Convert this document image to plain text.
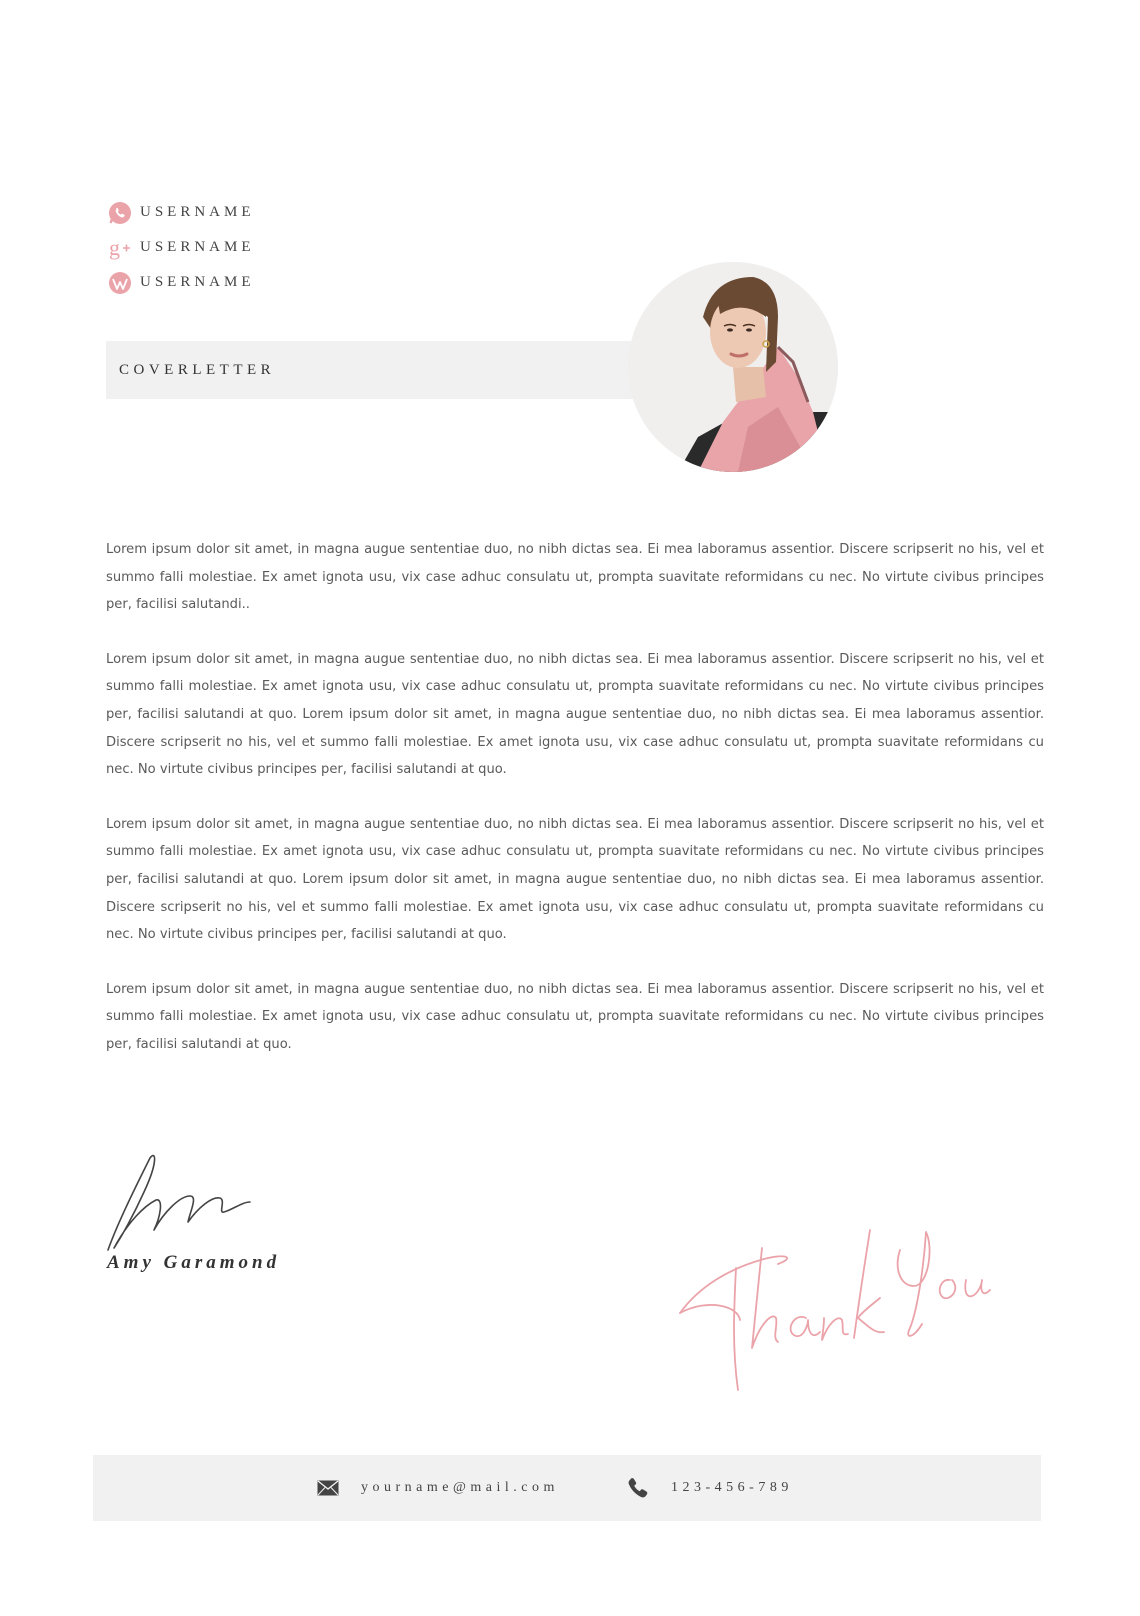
USERNAME
g USERNAME
USERNAME
COVERLETTER

Lorem ipsum dolor sit amet, in magna augue sententiae duo, no nibh dictas sea. Ei mea laboramus assentior. Discere scripserit no his, vel et summo falli molestiae. Ex amet ignota usu, vix case adhuc consulatu ut, prompta suavitate reformidans cu nec. No virtute civibus principes per, facilisi salutandi..

Lorem ipsum dolor sit amet, in magna augue sententiae duo, no nibh dictas sea. Ei mea laboramus assentior. Discere scripserit no his, vel et summo falli molestiae. Ex amet ignota usu, vix case adhuc consulatu ut, prompta suavitate reformidans cu nec. No virtute civibus principes per, facilisi salutandi at quo. Lorem ipsum dolor sit amet, in magna augue sententiae duo, no nibh dictas sea. Ei mea laboramus assentior. Discere scripserit no his, vel et summo falli molestiae. Ex amet ignota usu, vix case adhuc consulatu ut, prompta suavitate reformidans cu nec. No virtute civibus principes per, facilisi salutandi at quo.

Lorem ipsum dolor sit amet, in magna augue sententiae duo, no nibh dictas sea. Ei mea laboramus assentior. Discere scripserit no his, vel et summo falli molestiae. Ex amet ignota usu, vix case adhuc consulatu ut, prompta suavitate reformidans cu nec. No virtute civibus principes per, facilisi salutandi at quo. Lorem ipsum dolor sit amet, in magna augue sententiae duo, no nibh dictas sea. Ei mea laboramus assentior. Discere scripserit no his, vel et summo falli molestiae. Ex amet ignota usu, vix case adhuc consulatu ut, prompta suavitate reformidans cu nec. No virtute civibus principes per, facilisi salutandi at quo.

Lorem ipsum dolor sit amet, in magna augue sententiae duo, no nibh dictas sea. Ei mea laboramus assentior. Discere scripserit no his, vel et summo falli molestiae. Ex amet ignota usu, vix case adhuc consulatu ut, prompta suavitate reformidans cu nec. No virtute civibus principes per, facilisi salutandi at quo.

Amy Garamond
yourname@mail.com	123-456-789
